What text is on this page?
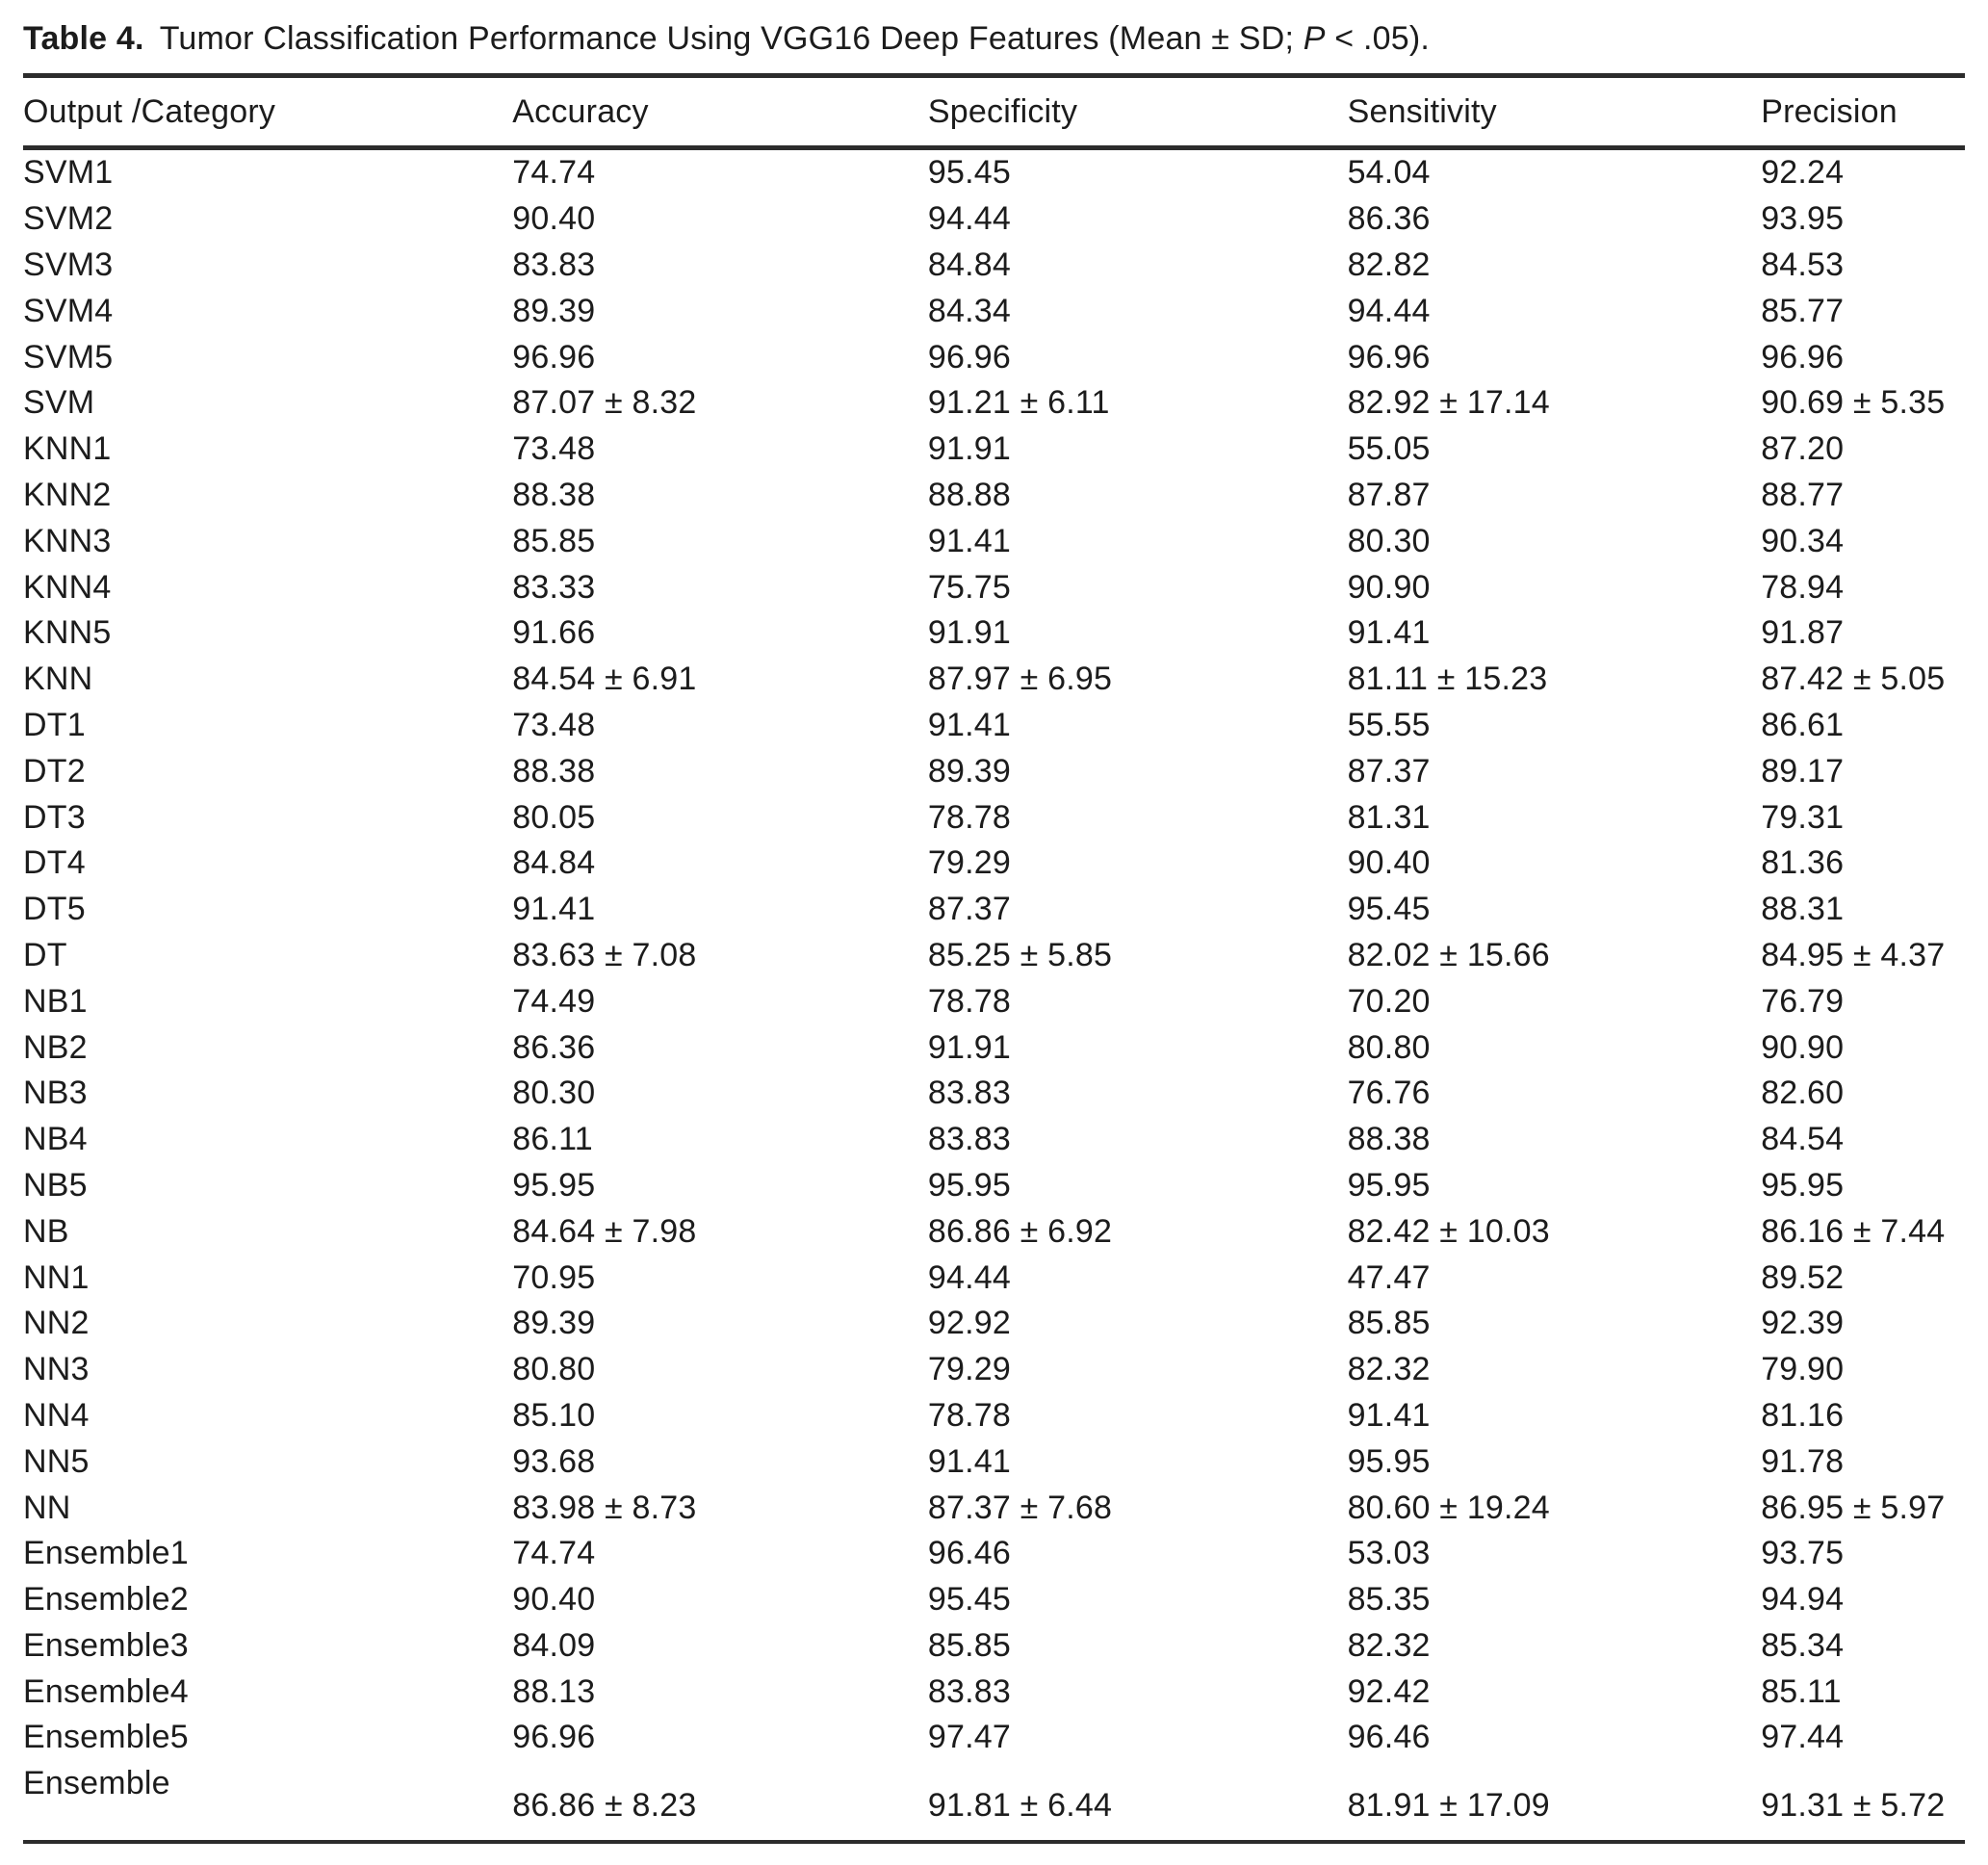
Table 4. Tumor Classification Performance Using VGG16 Deep Features (Mean ± SD; P < .05).
Output /Category	Accuracy	Specificity	Sensitivity	Precision
SVM1	74.74	95.45	54.04	92.24
SVM2	90.40	94.44	86.36	93.95
SVM3	83.83	84.84	82.82	84.53
SVM4	89.39	84.34	94.44	85.77
SVM5	96.96	96.96	96.96	96.96
SVM	87.07 ± 8.32	91.21 ± 6.11	82.92 ± 17.14	90.69 ± 5.35
KNN1	73.48	91.91	55.05	87.20
KNN2	88.38	88.88	87.87	88.77
KNN3	85.85	91.41	80.30	90.34
KNN4	83.33	75.75	90.90	78.94
KNN5	91.66	91.91	91.41	91.87
KNN	84.54 ± 6.91	87.97 ± 6.95	81.11 ± 15.23	87.42 ± 5.05
DT1	73.48	91.41	55.55	86.61
DT2	88.38	89.39	87.37	89.17
DT3	80.05	78.78	81.31	79.31
DT4	84.84	79.29	90.40	81.36
DT5	91.41	87.37	95.45	88.31
DT	83.63 ± 7.08	85.25 ± 5.85	82.02 ± 15.66	84.95 ± 4.37
NB1	74.49	78.78	70.20	76.79
NB2	86.36	91.91	80.80	90.90
NB3	80.30	83.83	76.76	82.60
NB4	86.11	83.83	88.38	84.54
NB5	95.95	95.95	95.95	95.95
NB	84.64 ± 7.98	86.86 ± 6.92	82.42 ± 10.03	86.16 ± 7.44
NN1	70.95	94.44	47.47	89.52
NN2	89.39	92.92	85.85	92.39
NN3	80.80	79.29	82.32	79.90
NN4	85.10	78.78	91.41	81.16
NN5	93.68	91.41	95.95	91.78
NN	83.98 ± 8.73	87.37 ± 7.68	80.60 ± 19.24	86.95 ± 5.97
Ensemble1	74.74	96.46	53.03	93.75
Ensemble2	90.40	95.45	85.35	94.94
Ensemble3	84.09	85.85	82.32	85.34
Ensemble4	88.13	83.83	92.42	85.11
Ensemble5	96.96	97.47	96.46	97.44
Ensemble	86.86 ± 8.23	91.81 ± 6.44	81.91 ± 17.09	91.31 ± 5.72
